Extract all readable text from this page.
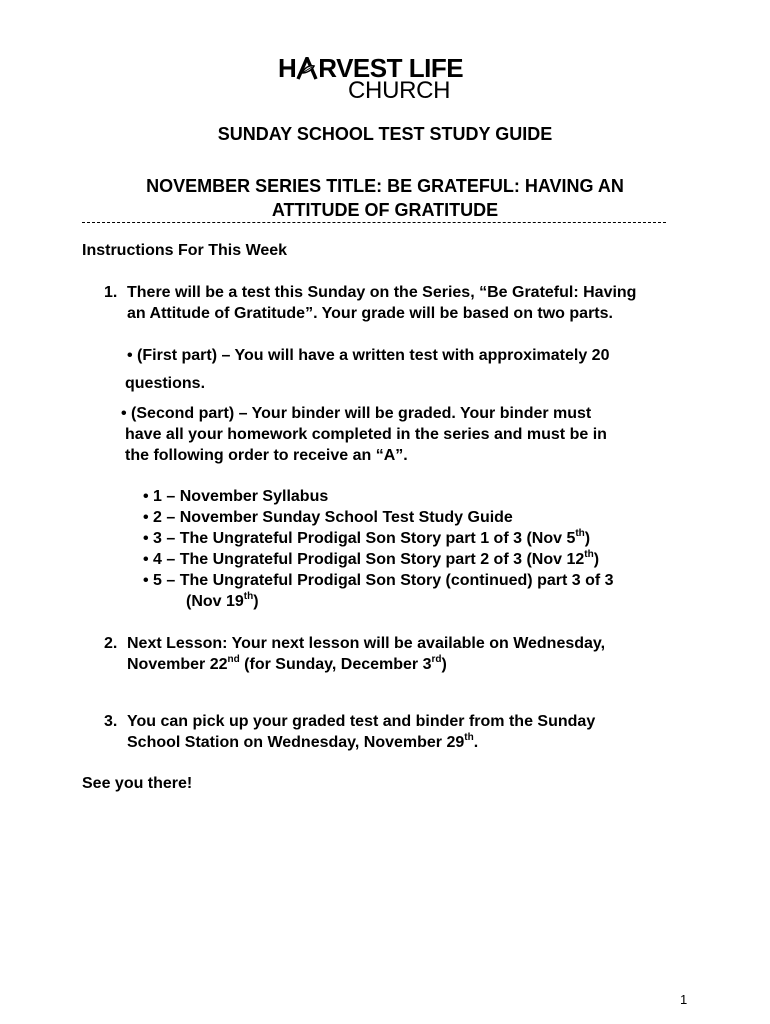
H RVEST LIFE
CHURCH
SUNDAY SCHOOL TEST STUDY GUIDE
NOVEMBER SERIES TITLE: BE GRATEFUL: HAVING AN
ATTITUDE OF GRATITUDE
Instructions For This Week
1. There will be a test this Sunday on the Series, “Be Grateful: Having
an Attitude of Gratitude”. Your grade will be based on two parts.
• (First part) – You will have a written test with approximately 20
questions.
• (Second part) – Your binder will be graded. Your binder must
have all your homework completed in the series and must be in
the following order to receive an “A”.
• 1 – November Syllabus
• 2 – November Sunday School Test Study Guide
• 3 – The Ungrateful Prodigal Son Story part 1 of 3 (Nov 5th)
• 4 – The Ungrateful Prodigal Son Story part 2 of 3 (Nov 12th)
• 5 – The Ungrateful Prodigal Son Story (continued) part 3 of 3
(Nov 19th)
2. Next Lesson: Your next lesson will be available on Wednesday,
November 22nd (for Sunday, December 3rd)
3. You can pick up your graded test and binder from the Sunday
School Station on Wednesday, November 29th.
See you there!
1
